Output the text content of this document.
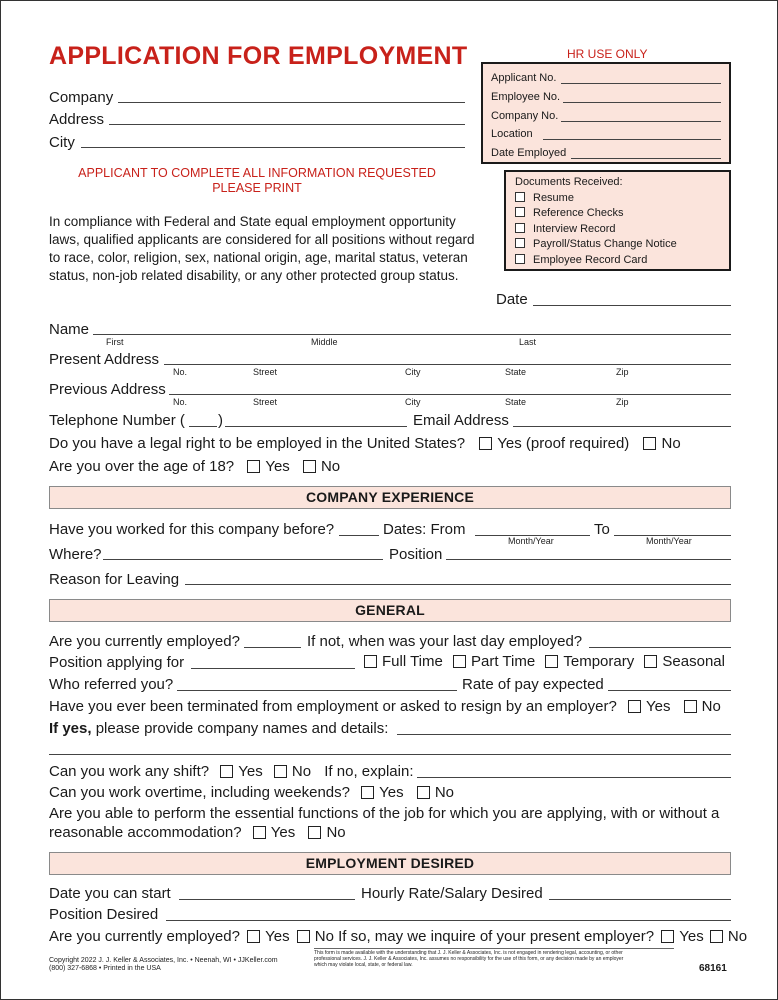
APPLICATION FOR EMPLOYMENT
Company
Address
City
HR USE ONLY
Applicant No.
Employee No.
Company No.
Location
Date Employed
Documents Received:
Resume
Reference Checks
Interview Record
Payroll/Status Change Notice
Employee Record Card
APPLICANT TO COMPLETE ALL INFORMATION REQUESTED
PLEASE PRINT
In compliance with Federal and State equal employment opportunity
laws, qualified applicants are considered for all positions without regard
to race, color, religion, sex, national origin, age, marital status, veteran
status, non-job related disability, or any other protected group status.
Date
Name
First	Middle	Last
Present Address
No.	Street	City	State	Zip
Previous Address
No.	Street	City	State	Zip
Telephone Number ( )	Email Address
Do you have a legal right to be employed in the United States? Yes (proof required) No
Are you over the age of 18? Yes No
COMPANY EXPERIENCE
Have you worked for this company before?	Dates: From	To
Month/Year	Month/Year
Where?	Position
Reason for Leaving
GENERAL
Are you currently employed?	If not, when was your last day employed?
Position applying for	Full Time Part Time Temporary Seasonal
Who referred you?	Rate of pay expected
Have you ever been terminated from employment or asked to resign by an employer? Yes No
If yes, please provide company names and details:
Can you work any shift? Yes No If no, explain:
Can you work overtime, including weekends? Yes No
Are you able to perform the essential functions of the job for which you are applying, with or without a
reasonable accommodation? Yes No
EMPLOYMENT DESIRED
Date you can start	Hourly Rate/Salary Desired
Position Desired
Are you currently employed? Yes No If so, may we inquire of your present employer? Yes No
Copyright 2022 J. J. Keller & Associates, Inc. • Neenah, WI • JJKeller.com
(800) 327-6868 • Printed in the USA
This form is made available with the understanding that J. J. Keller & Associates, Inc. is not engaged in rendering legal, accounting, or other
professional services. J. J. Keller & Associates, Inc. assumes no responsibility for the use of this form, or any decision made by an employer
which may violate local, state, or federal law.	68161
